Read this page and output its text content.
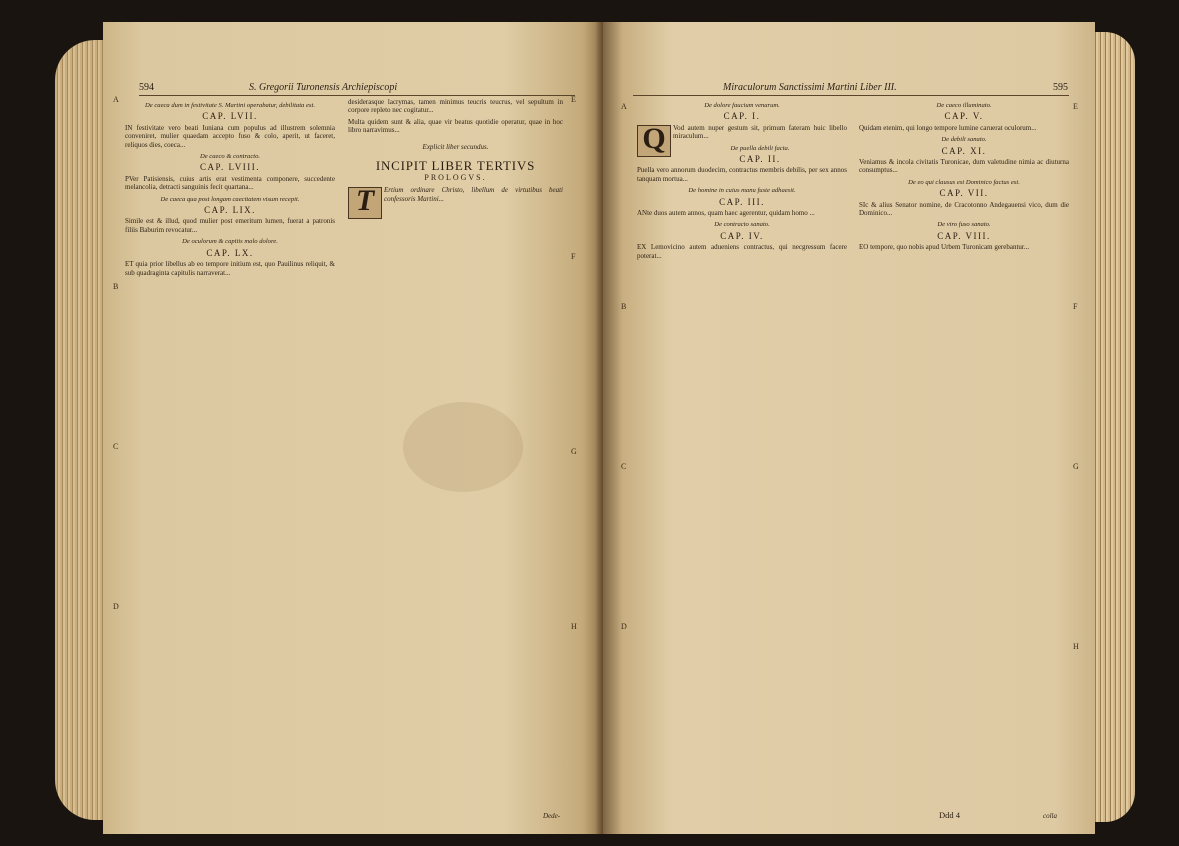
594	S. Gregorii Turonensis Archiepiscopi
A
B
C
D
E
F
G
H
De caeca dum in festivitate S. Martini operabatur, debilitata est.
CAP. LVII.

IN festivitate vero beati Iuniana cum populus ad illustrem solemnia conveniret, mulier quaedam accepto fuso & colo, aperit, ut faceret, reliquos dies, coeca...

De caeco & contracto.
CAP. LVIII.

PVer Patisiensis, cuius artis erat vestimenta componere, succedente melancolia, detracti sanguinis fecit quartana...

De caeca qua post longam caecitatem visum recepit.
CAP. LIX.

Simile est & illud, quod mulier post emeritum lumen, fuerat a patronis filiis Baburim revocatur...

De oculorum & capitis malo dolore.
CAP. LX.

ET quia prior libellus ab eo tempore initium est, quo Pauilinus reliquit, & sub quadraginta capitulis narraverat...

desiderasque lacrymas, tamen minimus teucris teucrus, vel sepultum in corpore repleto nec cogitatur...

Multa quidem sunt & alia, quae vir beatus quotidie operatur, quae in hoc libro narravimus...

Explicit liber secundus.
INCIPIT LIBER TERTIVS
PROLOGVS.

T	Ertium ordinare Christo, libellum de virtutibus beati confessoris Martini...

Dede-
Miraculorum Sanctissimi Martini Liber III.	595
A
B
C
D
E
F
G
H
De dolore faucium venarum.
CAP. I.

Q	Vod autem nuper gestum sit, primum fateram huic libello miraculum...

De puella debili facta.
CAP. II.

Puella vero annorum duodecim, contractus membris debilis, per sex annos tanquam mortua...

De homine in cuius manu fuste adhaesit.
CAP. III.

ANte duos autem annos, quam haec agerentur, quidam homo ...

De contracto sanato.
CAP. IV.

EX Lemovicino autem adueniens contractus, qui necgressum facere poterat...

De caeco illuminato.
CAP. V.

Quidam etenim, qui longo tempore lumine caruerat oculorum...

De debili sanato.
CAP. XI.

Veniamus & incola civitatis Turonicae, dum valetudine nimia ac diuturna consumptus...

De eo qui clausus est Dominico factus est.
CAP. VII.

SIc & alius Senator nomine, de Cracotonno Andegauensi vico, dum die Dominico...

De viro fuso sanato.
CAP. VIII.

EO tempore, quo nobis apud Urbem Turonicam gerebantur...

Ddd 4	colla
